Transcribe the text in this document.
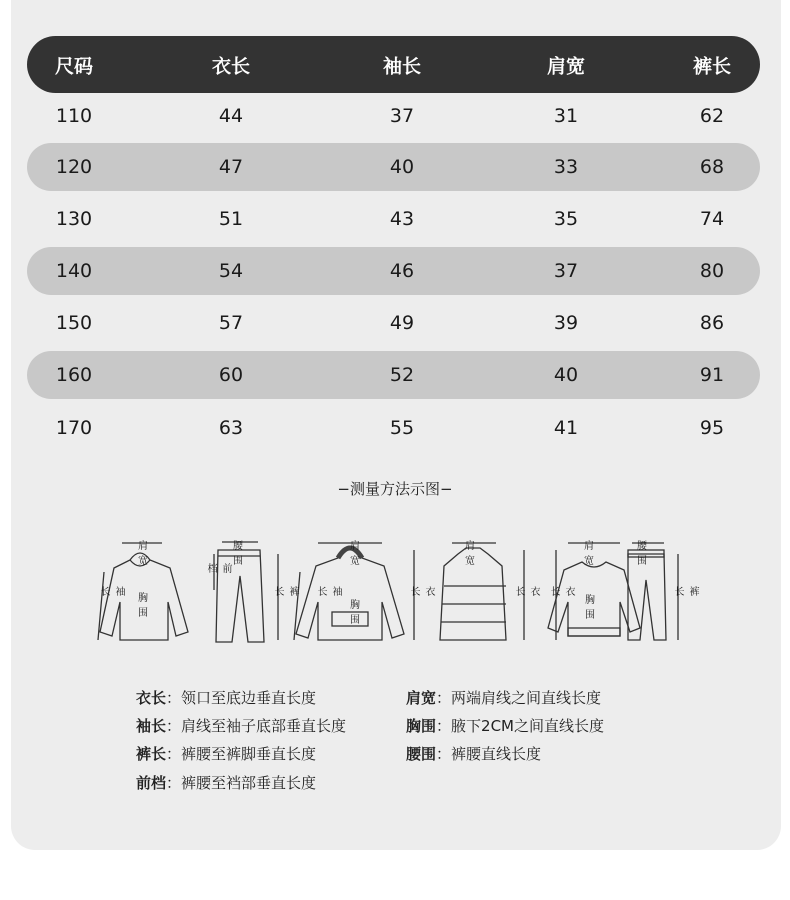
尺码	衣长	袖长	肩宽	裤长
110	44	37	31	62
120	47	40	33	68
130	51	43	35	74
140	54	46	37	80
150	57	49	39	86
160	60	52	40	91
170	63	55	41	95
−测量方法示图−
肩宽
腰围
胸围
袖长
前档
裤长
肩宽
袖长
胸围
衣长
肩宽
衣长
肩宽
腰围
衣长
胸围
裤长
衣长：领口至底边垂直长度	肩宽：两端肩线之间直线长度
袖长：肩线至袖子底部垂直长度	胸围：腋下2CM之间直线长度
裤长：裤腰至裤脚垂直长度	腰围：裤腰直线长度
前档：裤腰至裆部垂直长度
